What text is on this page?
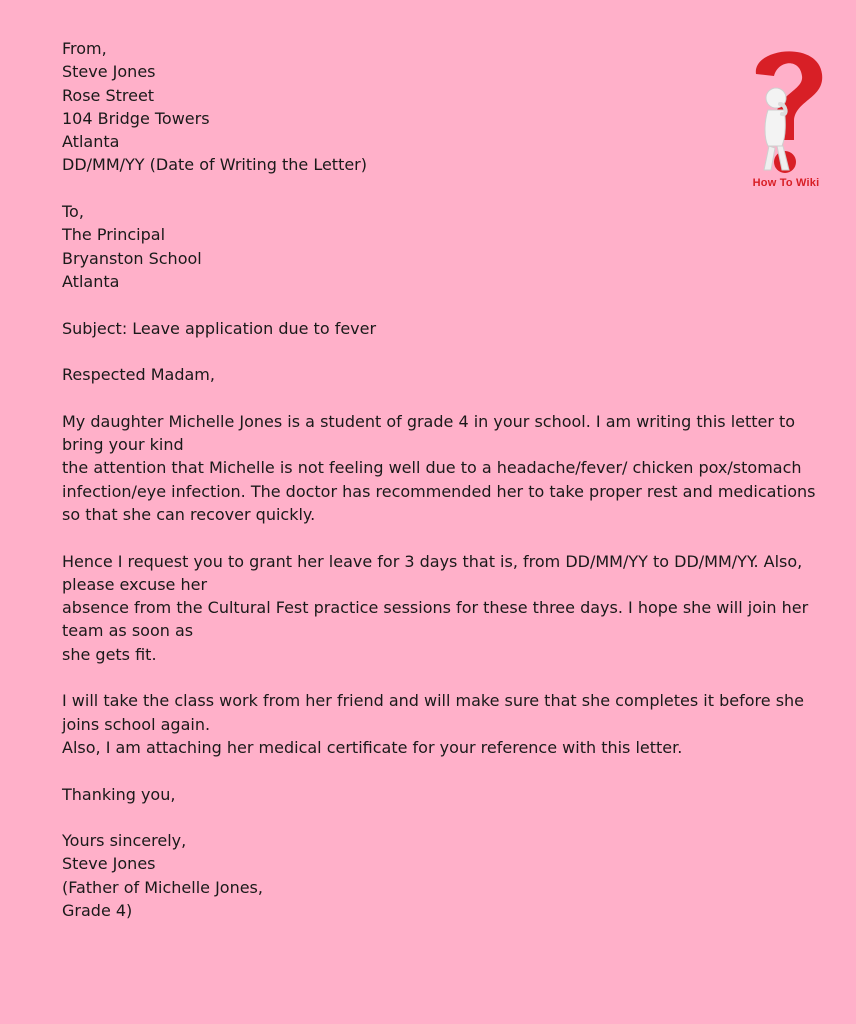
From,
Steve Jones
Rose Street
104 Bridge Towers
Atlanta
DD/MM/YY (Date of Writing the Letter)
To,
The Principal
Bryanston School
Atlanta
Subject: Leave application due to fever
Respected Madam,
My daughter Michelle Jones is a student of grade 4 in your school. I am writing this letter to
bring your kind
the attention that Michelle is not feeling well due to a headache/fever/ chicken pox/stomach
infection/eye infection. The doctor has recommended her to take proper rest and medications
so that she can recover quickly.
Hence I request you to grant her leave for 3 days that is, from DD/MM/YY to DD/MM/YY. Also,
please excuse her
absence from the Cultural Fest practice sessions for these three days. I hope she will join her
team as soon as
she gets fit.
I will take the class work from her friend and will make sure that she completes it before she
joins school again.
Also, I am attaching her medical certificate for your reference with this letter.
Thanking you,
Yours sincerely,
Steve Jones
(Father of Michelle Jones,
Grade 4)
How To Wiki
